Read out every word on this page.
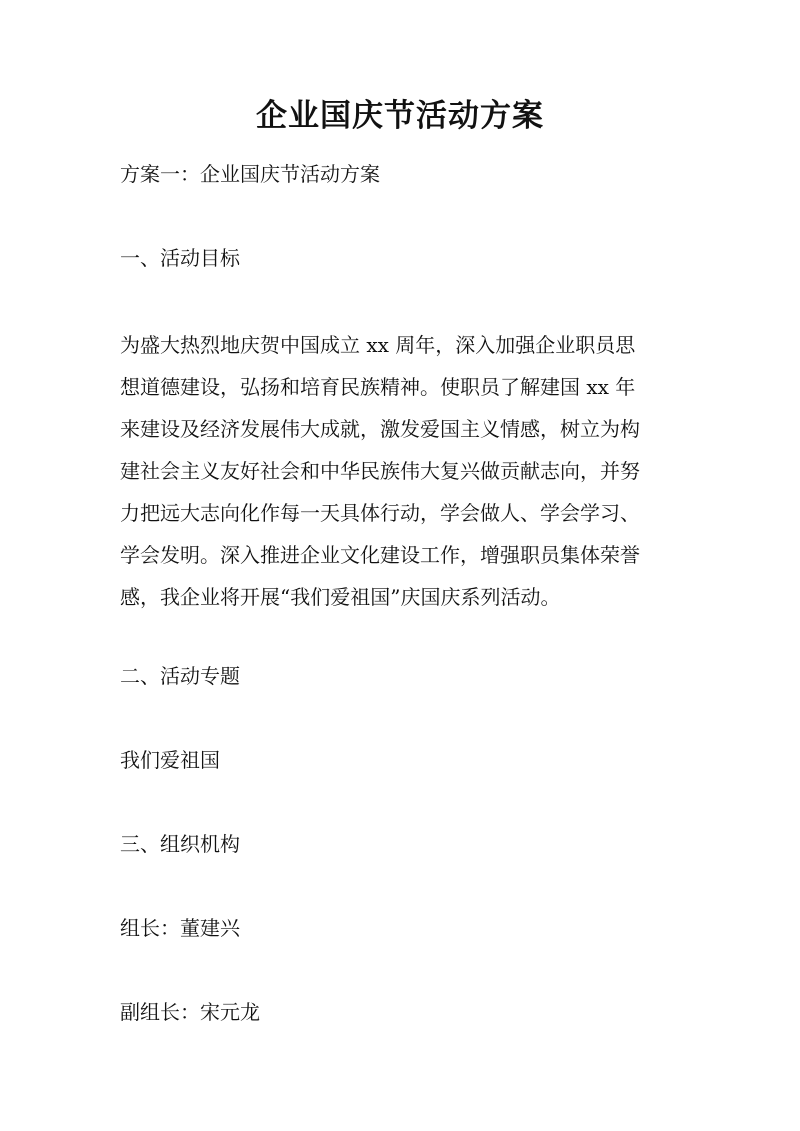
企业国庆节活动方案
方案一：企业国庆节活动方案
一、活动目标
为盛大热烈地庆贺中国成立 xx 周年，深入加强企业职员思
想道德建设，弘扬和培育民族精神。使职员了解建国 xx 年
来建设及经济发展伟大成就，激发爱国主义情感，树立为构
建社会主义友好社会和中华民族伟大复兴做贡献志向，并努
力把远大志向化作每一天具体行动，学会做人、学会学习、
学会发明。深入推进企业文化建设工作，增强职员集体荣誉
感，我企业将开展“我们爱祖国”庆国庆系列活动。
二、活动专题
我们爱祖国
三、组织机构
组长：董建兴
副组长：宋元龙
